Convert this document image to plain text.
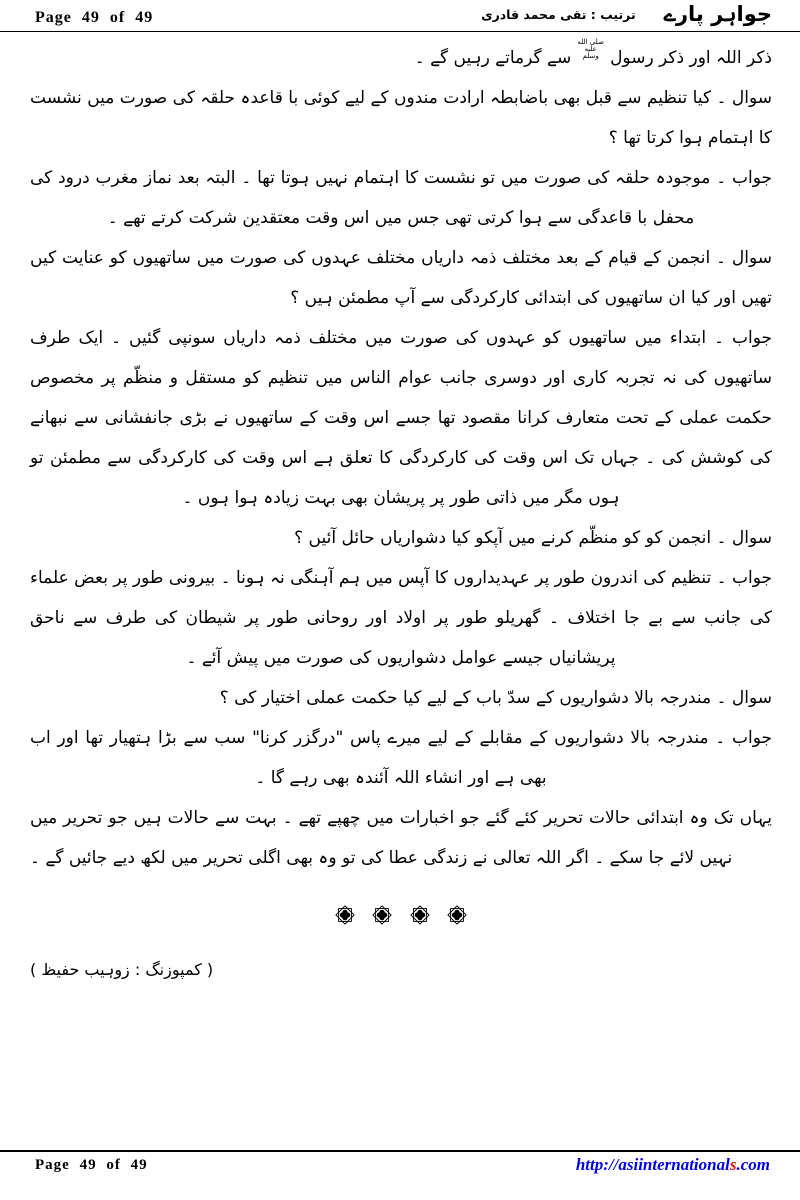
Page 49 of 49	جواہر پارے
ترتیب : تقی محمد قادری

ذکر اللہ اور ذکر رسول صلى الله عليه وسلم سے گرماتے رہیں گے ۔

سوال ۔ کیا تنظیم سے قبل بھی باضابطہ ارادت مندوں کے لیے کوئی با قاعدہ حلقہ کی صورت میں نشست کا اہتمام ہوا کرتا تھا ؟

جواب ۔ موجودہ حلقہ کی صورت میں تو نشست کا اہتمام نہیں ہوتا تھا ۔ البتہ بعد نماز مغرب درود کی محفل با قاعدگی سے ہوا کرتی تھی جس میں اس وقت معتقدین شرکت کرتے تھے ۔

سوال ۔ انجمن کے قیام کے بعد مختلف ذمہ داریاں مختلف عہدوں کی صورت میں ساتھیوں کو عنایت کیں تھیں اور کیا ان ساتھیوں کی ابتدائی کارکردگی سے آپ مطمئن ہیں ؟

جواب ۔ ابتداء میں ساتھیوں کو عہدوں کی صورت میں مختلف ذمہ داریاں سونپی گئیں ۔ ایک طرف ساتھیوں کی نہ تجربہ کاری اور دوسری جانب عوام الناس میں تنظیم کو مستقل و منظّم پر مخصوص حکمت عملی کے تحت متعارف کرانا مقصود تھا جسے اس وقت کے ساتھیوں نے بڑی جانفشانی سے نبھانے کی کوشش کی ۔ جہاں تک اس وقت کی کارکردگی کا تعلق ہے اس وقت کی کارکردگی سے مطمئن تو ہوں مگر میں ذاتی طور پر پریشان بھی بہت زیادہ ہوا ہوں ۔

سوال ۔ انجمن کو کو منظّم کرنے میں آپکو کیا دشواریاں حائل آئیں ؟

جواب ۔ تنظیم کی اندرون طور پر عہدیداروں کا آپس میں ہم آہنگی نہ ہونا ۔ بیرونی طور پر بعض علماء کی جانب سے بے جا اختلاف ۔ گھریلو طور پر اولاد اور روحانی طور پر شیطان کی طرف سے ناحق پریشانیاں جیسے عوامل دشواریوں کی صورت میں پیش آئے ۔

سوال ۔ مندرجہ بالا دشواریوں کے سدّ باب کے لیے کیا حکمت عملی اختیار کی ؟

جواب ۔ مندرجہ بالا دشواریوں کے مقابلے کے لیے میرے پاس "درگزر کرنا" سب سے بڑا ہتھیار تھا اور اب بھی ہے اور انشاء اللہ آئندہ بھی رہے گا ۔

یہاں تک وہ ابتدائی حالات تحریر کئے گئے جو اخبارات میں چھپے تھے ۔ بہت سے حالات ہیں جو تحریر میں نہیں لائے جا سکے ۔ اگر اللہ تعالی نے زندگی عطا کی تو وہ بھی اگلی تحریر میں لکھ دیے جائیں گے ۔

( کمپوزنگ : زوہیب حفیظ )
Page 49 of 49	http://asiinternationals.com
